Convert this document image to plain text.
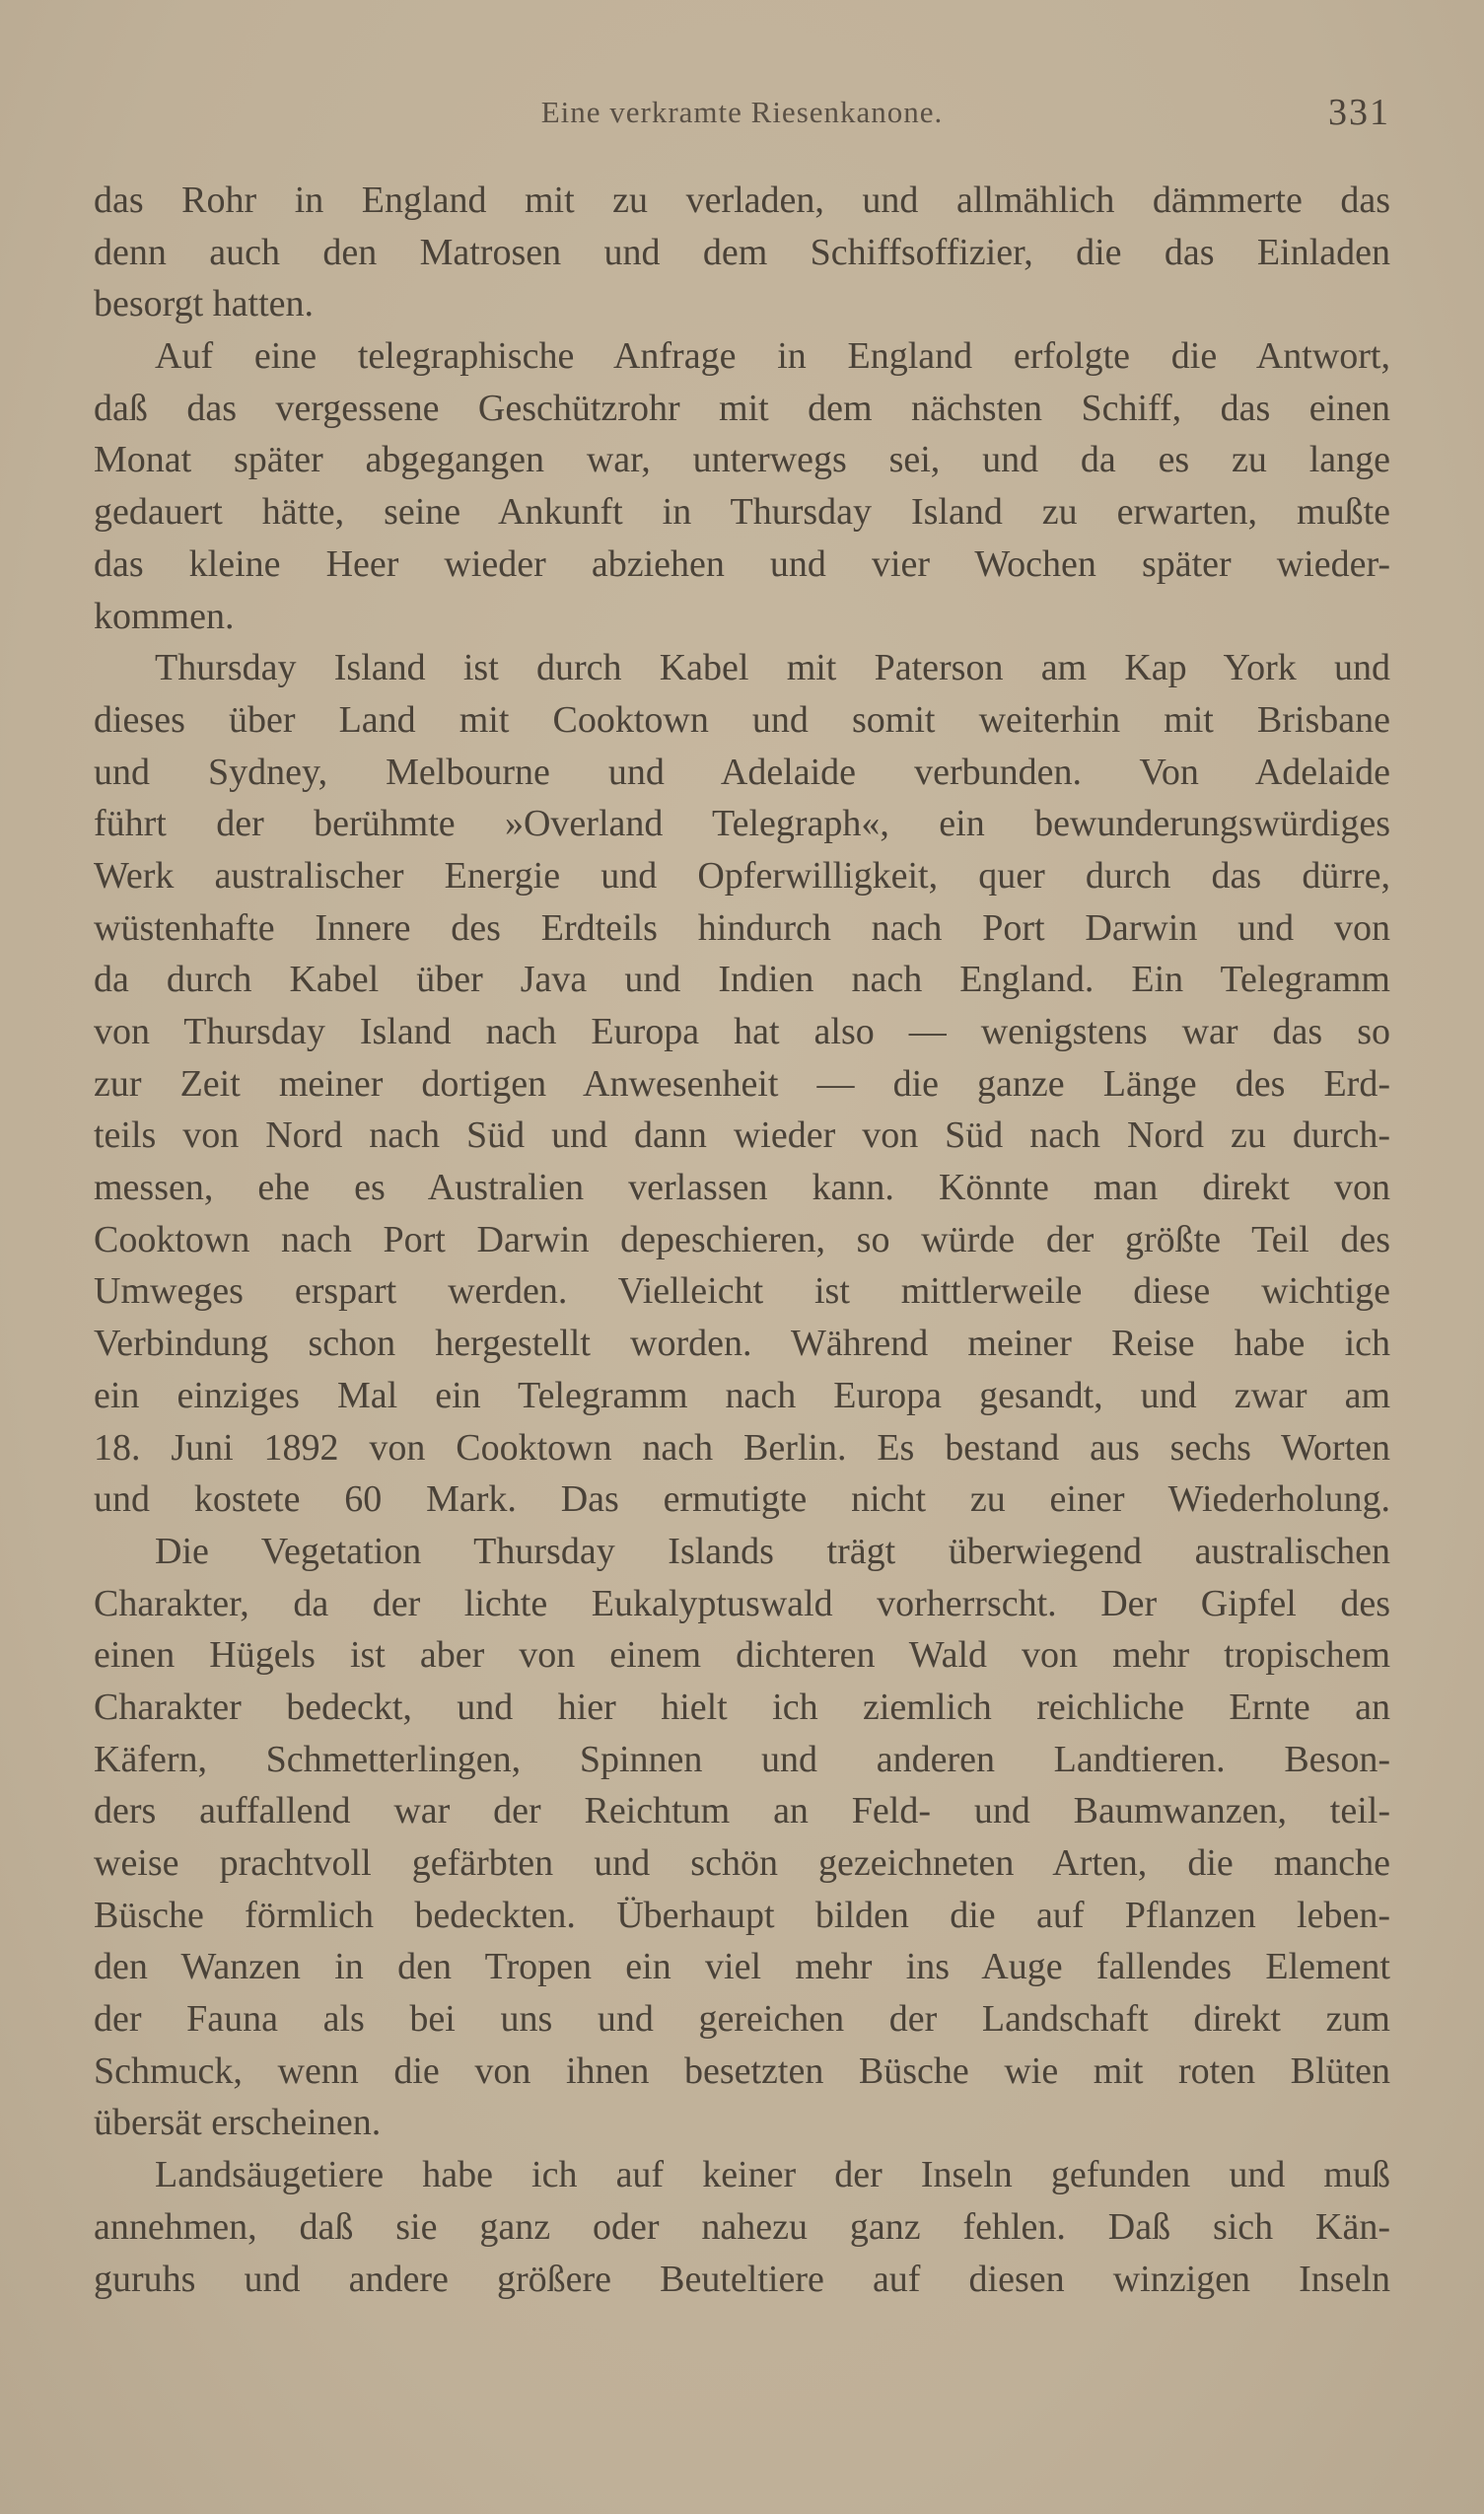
Eine verkramte Riesenkanone.	331
das Rohr in England mit zu verladen, und allmählich dämmerte das
denn auch den Matrosen und dem Schiffsoffizier, die das Einladen
besorgt hatten.
Auf eine telegraphische Anfrage in England erfolgte die Antwort,
daß das vergessene Geschützrohr mit dem nächsten Schiff, das einen
Monat später abgegangen war, unterwegs sei, und da es zu lange
gedauert hätte, seine Ankunft in Thursday Island zu erwarten, mußte
das kleine Heer wieder abziehen und vier Wochen später wieder-
kommen.
Thursday Island ist durch Kabel mit Paterson am Kap York und
dieses über Land mit Cooktown und somit weiterhin mit Brisbane
und Sydney, Melbourne und Adelaide verbunden. Von Adelaide
führt der berühmte »Overland Telegraph«, ein bewunderungswürdiges
Werk australischer Energie und Opferwilligkeit, quer durch das dürre,
wüstenhafte Innere des Erdteils hindurch nach Port Darwin und von
da durch Kabel über Java und Indien nach England. Ein Telegramm
von Thursday Island nach Europa hat also — wenigstens war das so
zur Zeit meiner dortigen Anwesenheit — die ganze Länge des Erd-
teils von Nord nach Süd und dann wieder von Süd nach Nord zu durch-
messen, ehe es Australien verlassen kann. Könnte man direkt von
Cooktown nach Port Darwin depeschieren, so würde der größte Teil des
Umweges erspart werden. Vielleicht ist mittlerweile diese wichtige
Verbindung schon hergestellt worden. Während meiner Reise habe ich
ein einziges Mal ein Telegramm nach Europa gesandt, und zwar am
18. Juni 1892 von Cooktown nach Berlin. Es bestand aus sechs Worten
und kostete 60 Mark. Das ermutigte nicht zu einer Wiederholung.
Die Vegetation Thursday Islands trägt überwiegend australischen
Charakter, da der lichte Eukalyptuswald vorherrscht. Der Gipfel des
einen Hügels ist aber von einem dichteren Wald von mehr tropischem
Charakter bedeckt, und hier hielt ich ziemlich reichliche Ernte an
Käfern, Schmetterlingen, Spinnen und anderen Landtieren. Beson-
ders auffallend war der Reichtum an Feld- und Baumwanzen, teil-
weise prachtvoll gefärbten und schön gezeichneten Arten, die manche
Büsche förmlich bedeckten. Überhaupt bilden die auf Pflanzen leben-
den Wanzen in den Tropen ein viel mehr ins Auge fallendes Element
der Fauna als bei uns und gereichen der Landschaft direkt zum
Schmuck, wenn die von ihnen besetzten Büsche wie mit roten Blüten
übersät erscheinen.
Landsäugetiere habe ich auf keiner der Inseln gefunden und muß
annehmen, daß sie ganz oder nahezu ganz fehlen. Daß sich Kän-
guruhs und andere größere Beuteltiere auf diesen winzigen Inseln
